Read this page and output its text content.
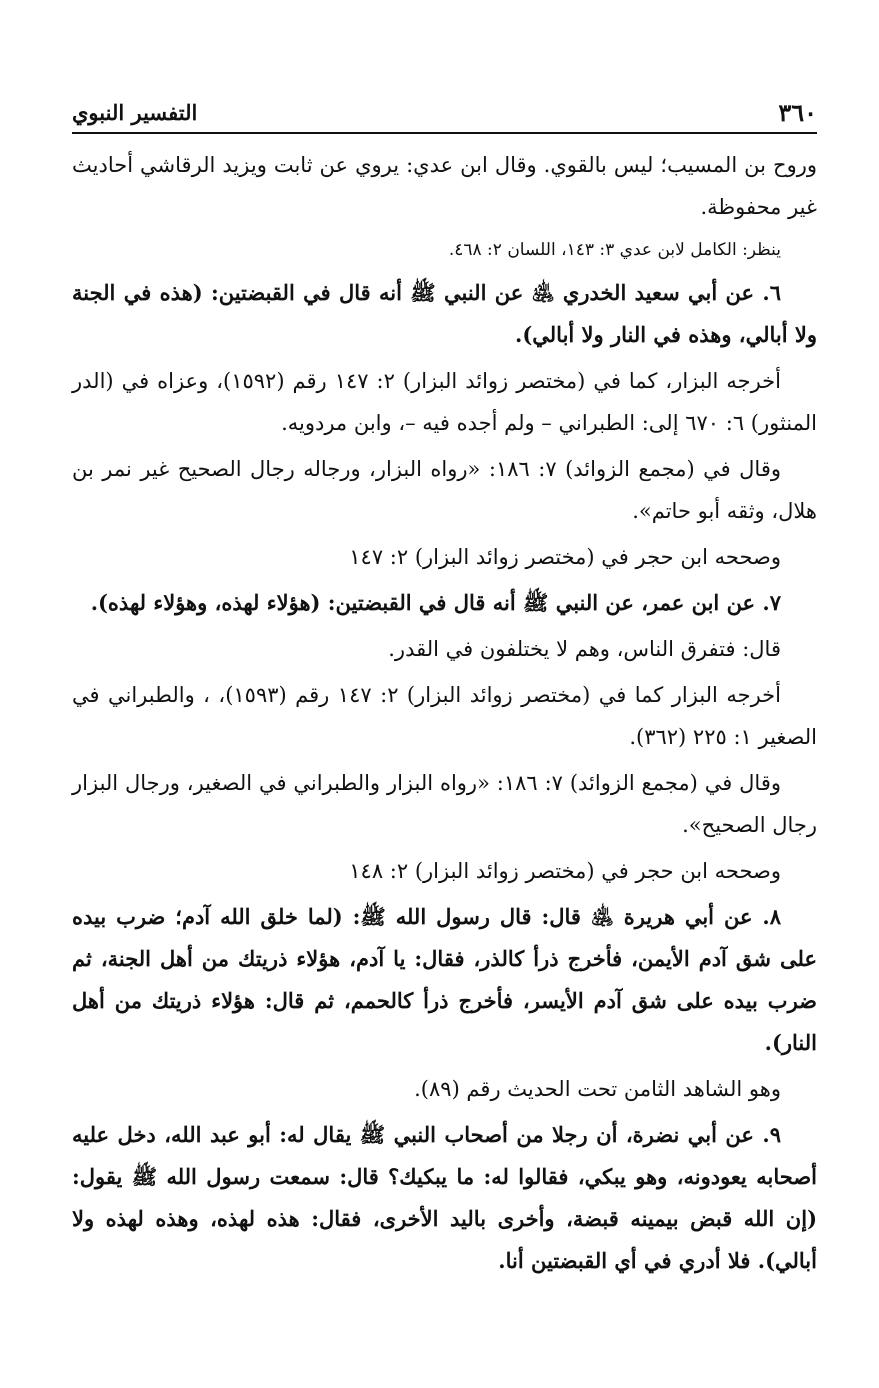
٣٦٠
التفسير النبوي

وروح بن المسيب؛ ليس بالقوي. وقال ابن عدي: يروي عن ثابت ويزيد الرقاشي أحاديث غير محفوظة.

ينظر: الكامل لابن عدي ٣: ١٤٣، اللسان ٢: ٤٦٨.

٦. عن أبي سعيد الخدري ﵁ عن النبي ﷺ أنه قال في القبضتين: (هذه في الجنة ولا أبالي، وهذه في النار ولا أبالي).

أخرجه البزار، كما في (مختصر زوائد البزار) ٢: ١٤٧ رقم (١٥٩٢)، وعزاه في (الدر المنثور) ٦: ٦٧٠ إلى: الطبراني – ولم أجده فيه –، وابن مردويه.

وقال في (مجمع الزوائد) ٧: ١٨٦: «رواه البزار، ورجاله رجال الصحيح غير نمر بن هلال، وثقه أبو حاتم».

وصححه ابن حجر في (مختصر زوائد البزار) ٢: ١٤٧

٧. عن ابن عمر، عن النبي ﷺ أنه قال في القبضتين: (هؤلاء لهذه، وهؤلاء لهذه).

قال: فتفرق الناس، وهم لا يختلفون في القدر.

أخرجه البزار كما في (مختصر زوائد البزار) ٢: ١٤٧ رقم (١٥٩٣)، ، والطبراني في الصغير ١: ٢٢٥ (٣٦٢).

وقال في (مجمع الزوائد) ٧: ١٨٦: «رواه البزار والطبراني في الصغير، ورجال البزار رجال الصحيح».

وصححه ابن حجر في (مختصر زوائد البزار) ٢: ١٤٨

٨. عن أبي هريرة ﵁ قال: قال رسول الله ﷺ: (لما خلق الله آدم؛ ضرب بيده على شق آدم الأيمن، فأخرج ذرأ كالذر، فقال: يا آدم، هؤلاء ذريتك من أهل الجنة، ثم ضرب بيده على شق آدم الأيسر، فأخرج ذرأ كالحمم، ثم قال: هؤلاء ذريتك من أهل النار).

وهو الشاهد الثامن تحت الحديث رقم (٨٩).

٩. عن أبي نضرة، أن رجلا من أصحاب النبي ﷺ يقال له: أبو عبد الله، دخل عليه أصحابه يعودونه، وهو يبكي، فقالوا له: ما يبكيك؟ قال: سمعت رسول الله ﷺ يقول: (إن الله قبض بيمينه قبضة، وأخرى باليد الأخرى، فقال: هذه لهذه، وهذه لهذه ولا أبالي). فلا أدري في أي القبضتين أنا.
